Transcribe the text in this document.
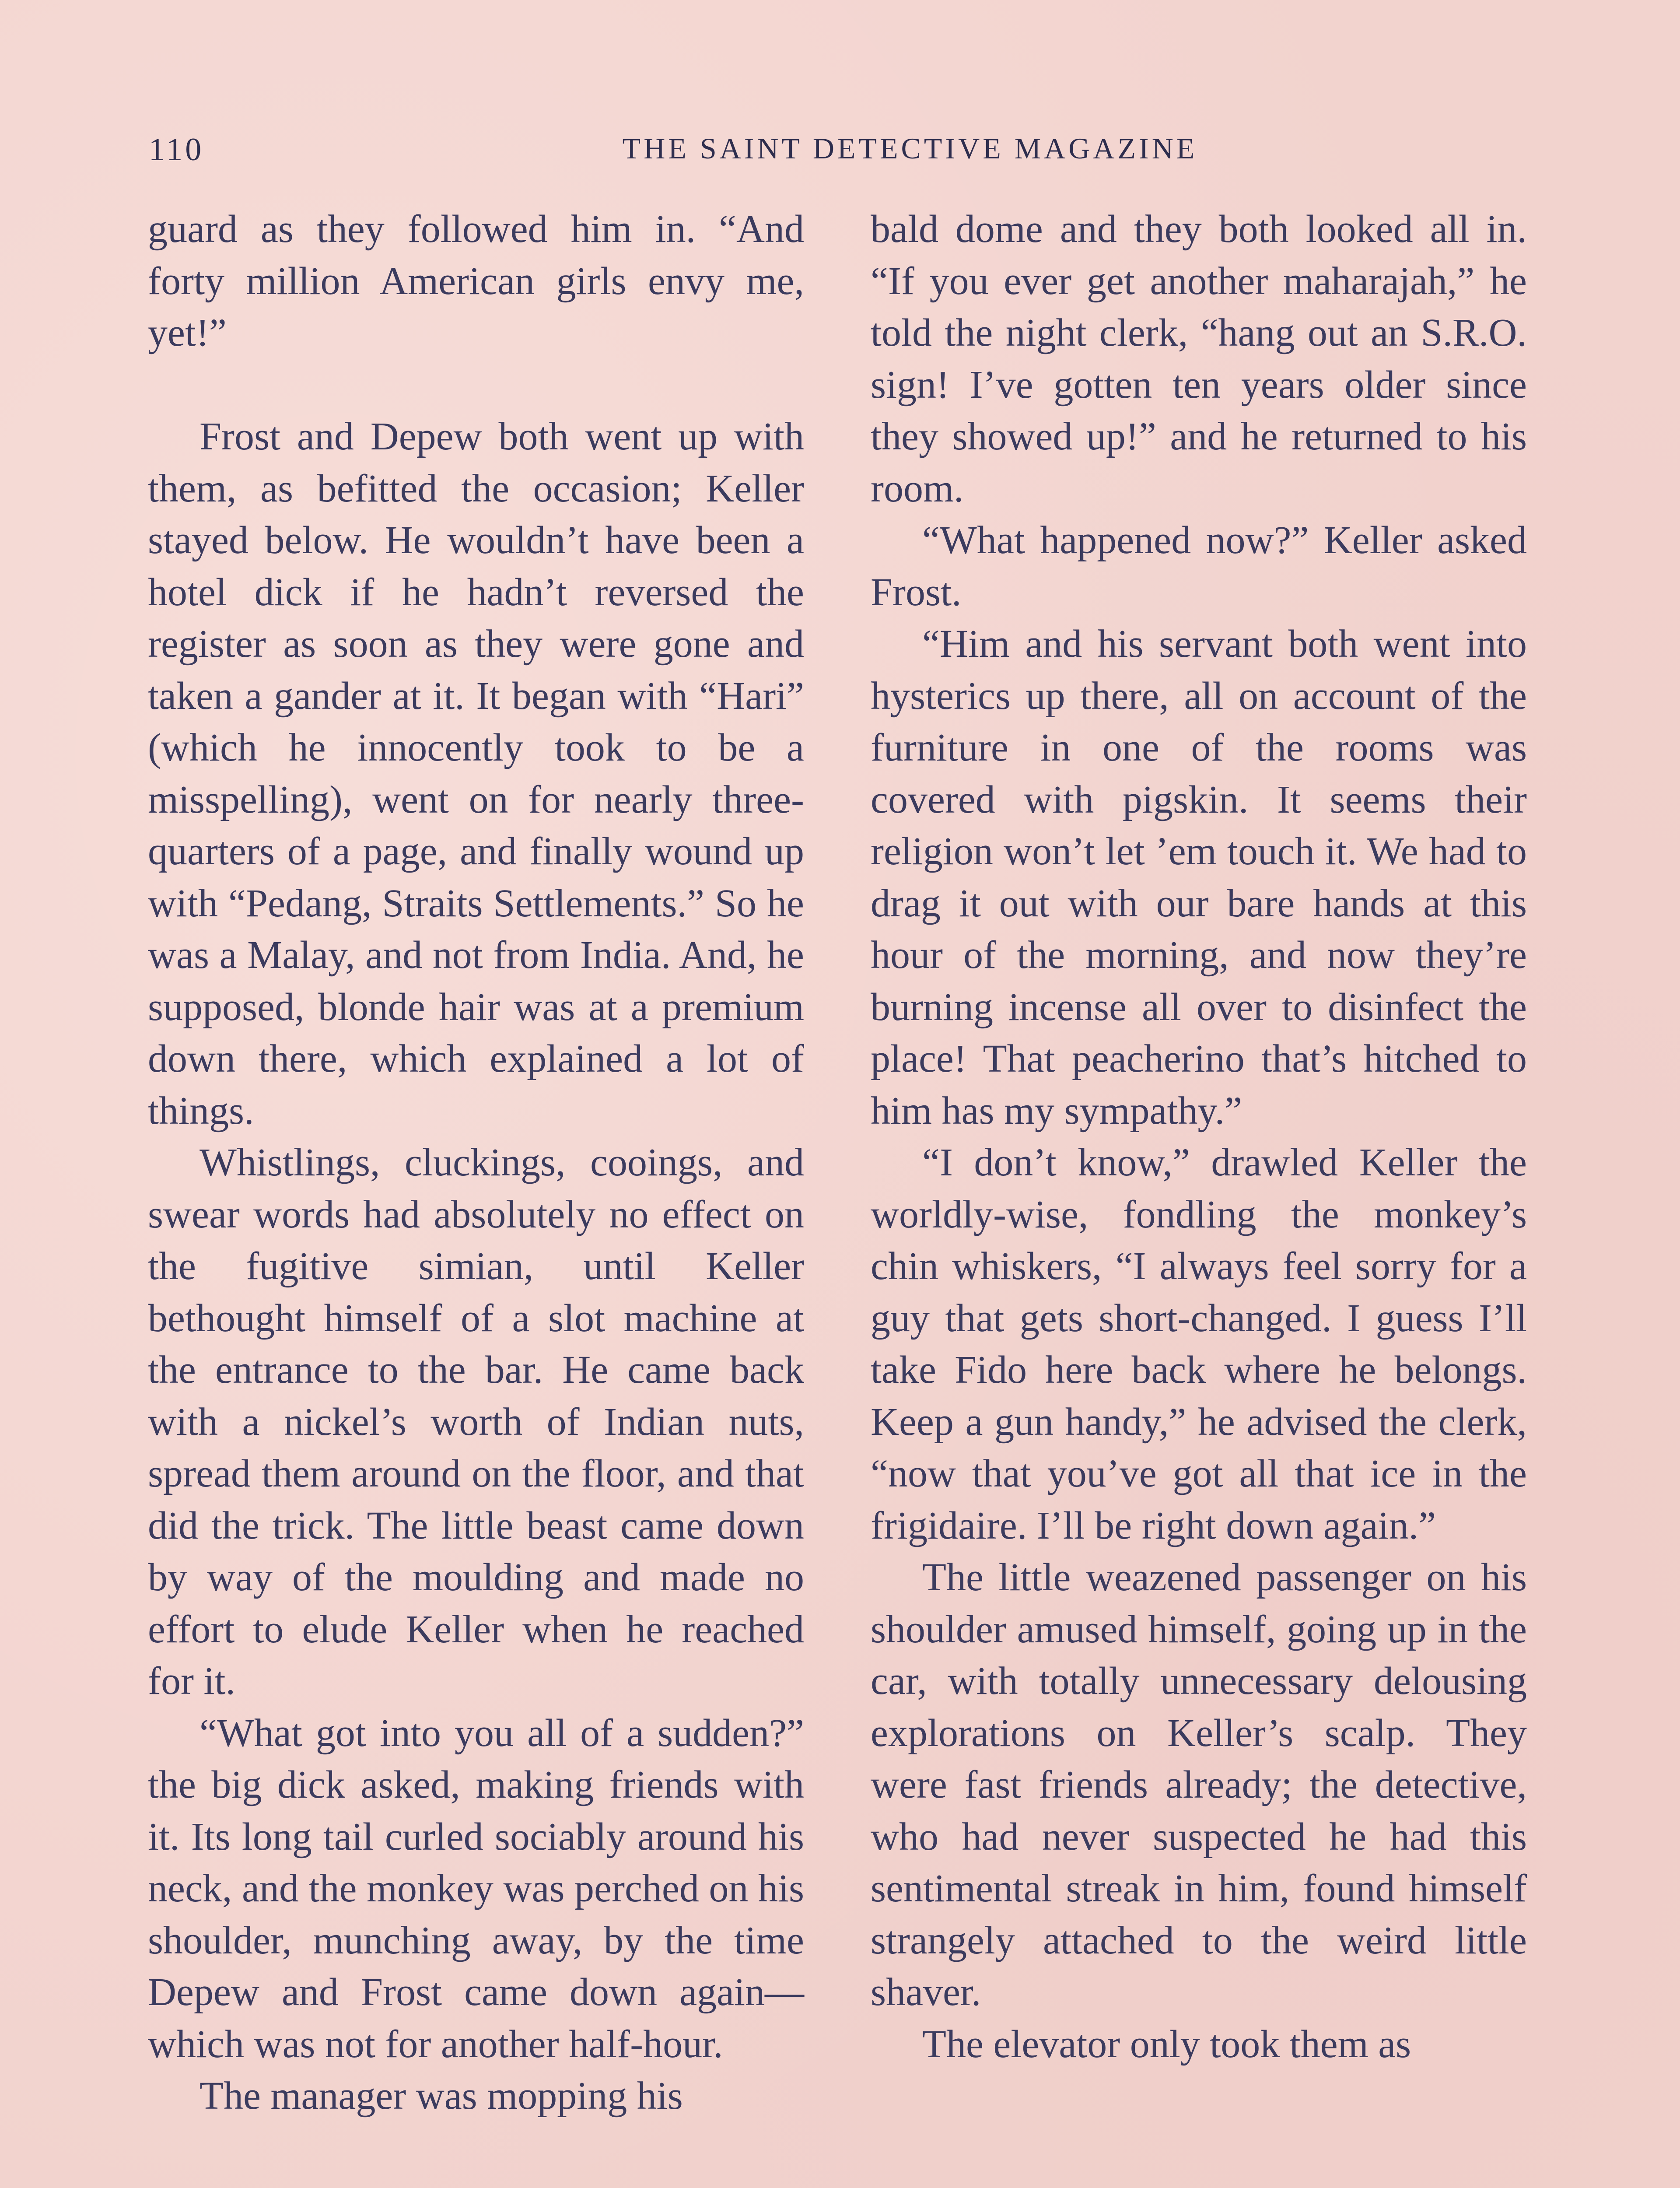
110	THE SAINT DETECTIVE MAGAZINE

guard as they followed him in. “And forty million American girls envy me, yet!”

Frost and Depew both went up with them, as befitted the occasion; Keller stayed below. He wouldn’t have been a hotel dick if he hadn’t reversed the register as soon as they were gone and taken a gander at it. It began with “Hari” (which he innocently took to be a misspelling), went on for nearly three-quarters of a page, and finally wound up with “Pedang, Straits Settlements.” So he was a Malay, and not from India. And, he supposed, blonde hair was at a premium down there, which explained a lot of things.

Whistlings, cluckings, cooings, and swear words had absolutely no effect on the fugitive simian, until Keller bethought himself of a slot machine at the entrance to the bar. He came back with a nickel’s worth of Indian nuts, spread them around on the floor, and that did the trick. The little beast came down by way of the moulding and made no effort to elude Keller when he reached for it.

“What got into you all of a sudden?” the big dick asked, making friends with it. Its long tail curled sociably around his neck, and the monkey was perched on his shoulder, munching away, by the time Depew and Frost came down again—which was not for another half-hour.

The manager was mopping his

bald dome and they both looked all in. “If you ever get another maharajah,” he told the night clerk, “hang out an S.R.O. sign! I’ve gotten ten years older since they showed up!” and he returned to his room.

“What happened now?” Keller asked Frost.

“Him and his servant both went into hysterics up there, all on account of the furniture in one of the rooms was covered with pigskin. It seems their religion won’t let ’em touch it. We had to drag it out with our bare hands at this hour of the morning, and now they’re burning incense all over to disinfect the place! That peacherino that’s hitched to him has my sympathy.”

“I don’t know,” drawled Keller the worldly-wise, fondling the monkey’s chin whiskers, “I always feel sorry for a guy that gets short-changed. I guess I’ll take Fido here back where he belongs. Keep a gun handy,” he advised the clerk, “now that you’ve got all that ice in the frigidaire. I’ll be right down again.”

The little weazened passenger on his shoulder amused himself, going up in the car, with totally unnecessary delousing explorations on Keller’s scalp. They were fast friends already; the detective, who had never suspected he had this sentimental streak in him, found himself strangely attached to the weird little shaver.

The elevator only took them as
